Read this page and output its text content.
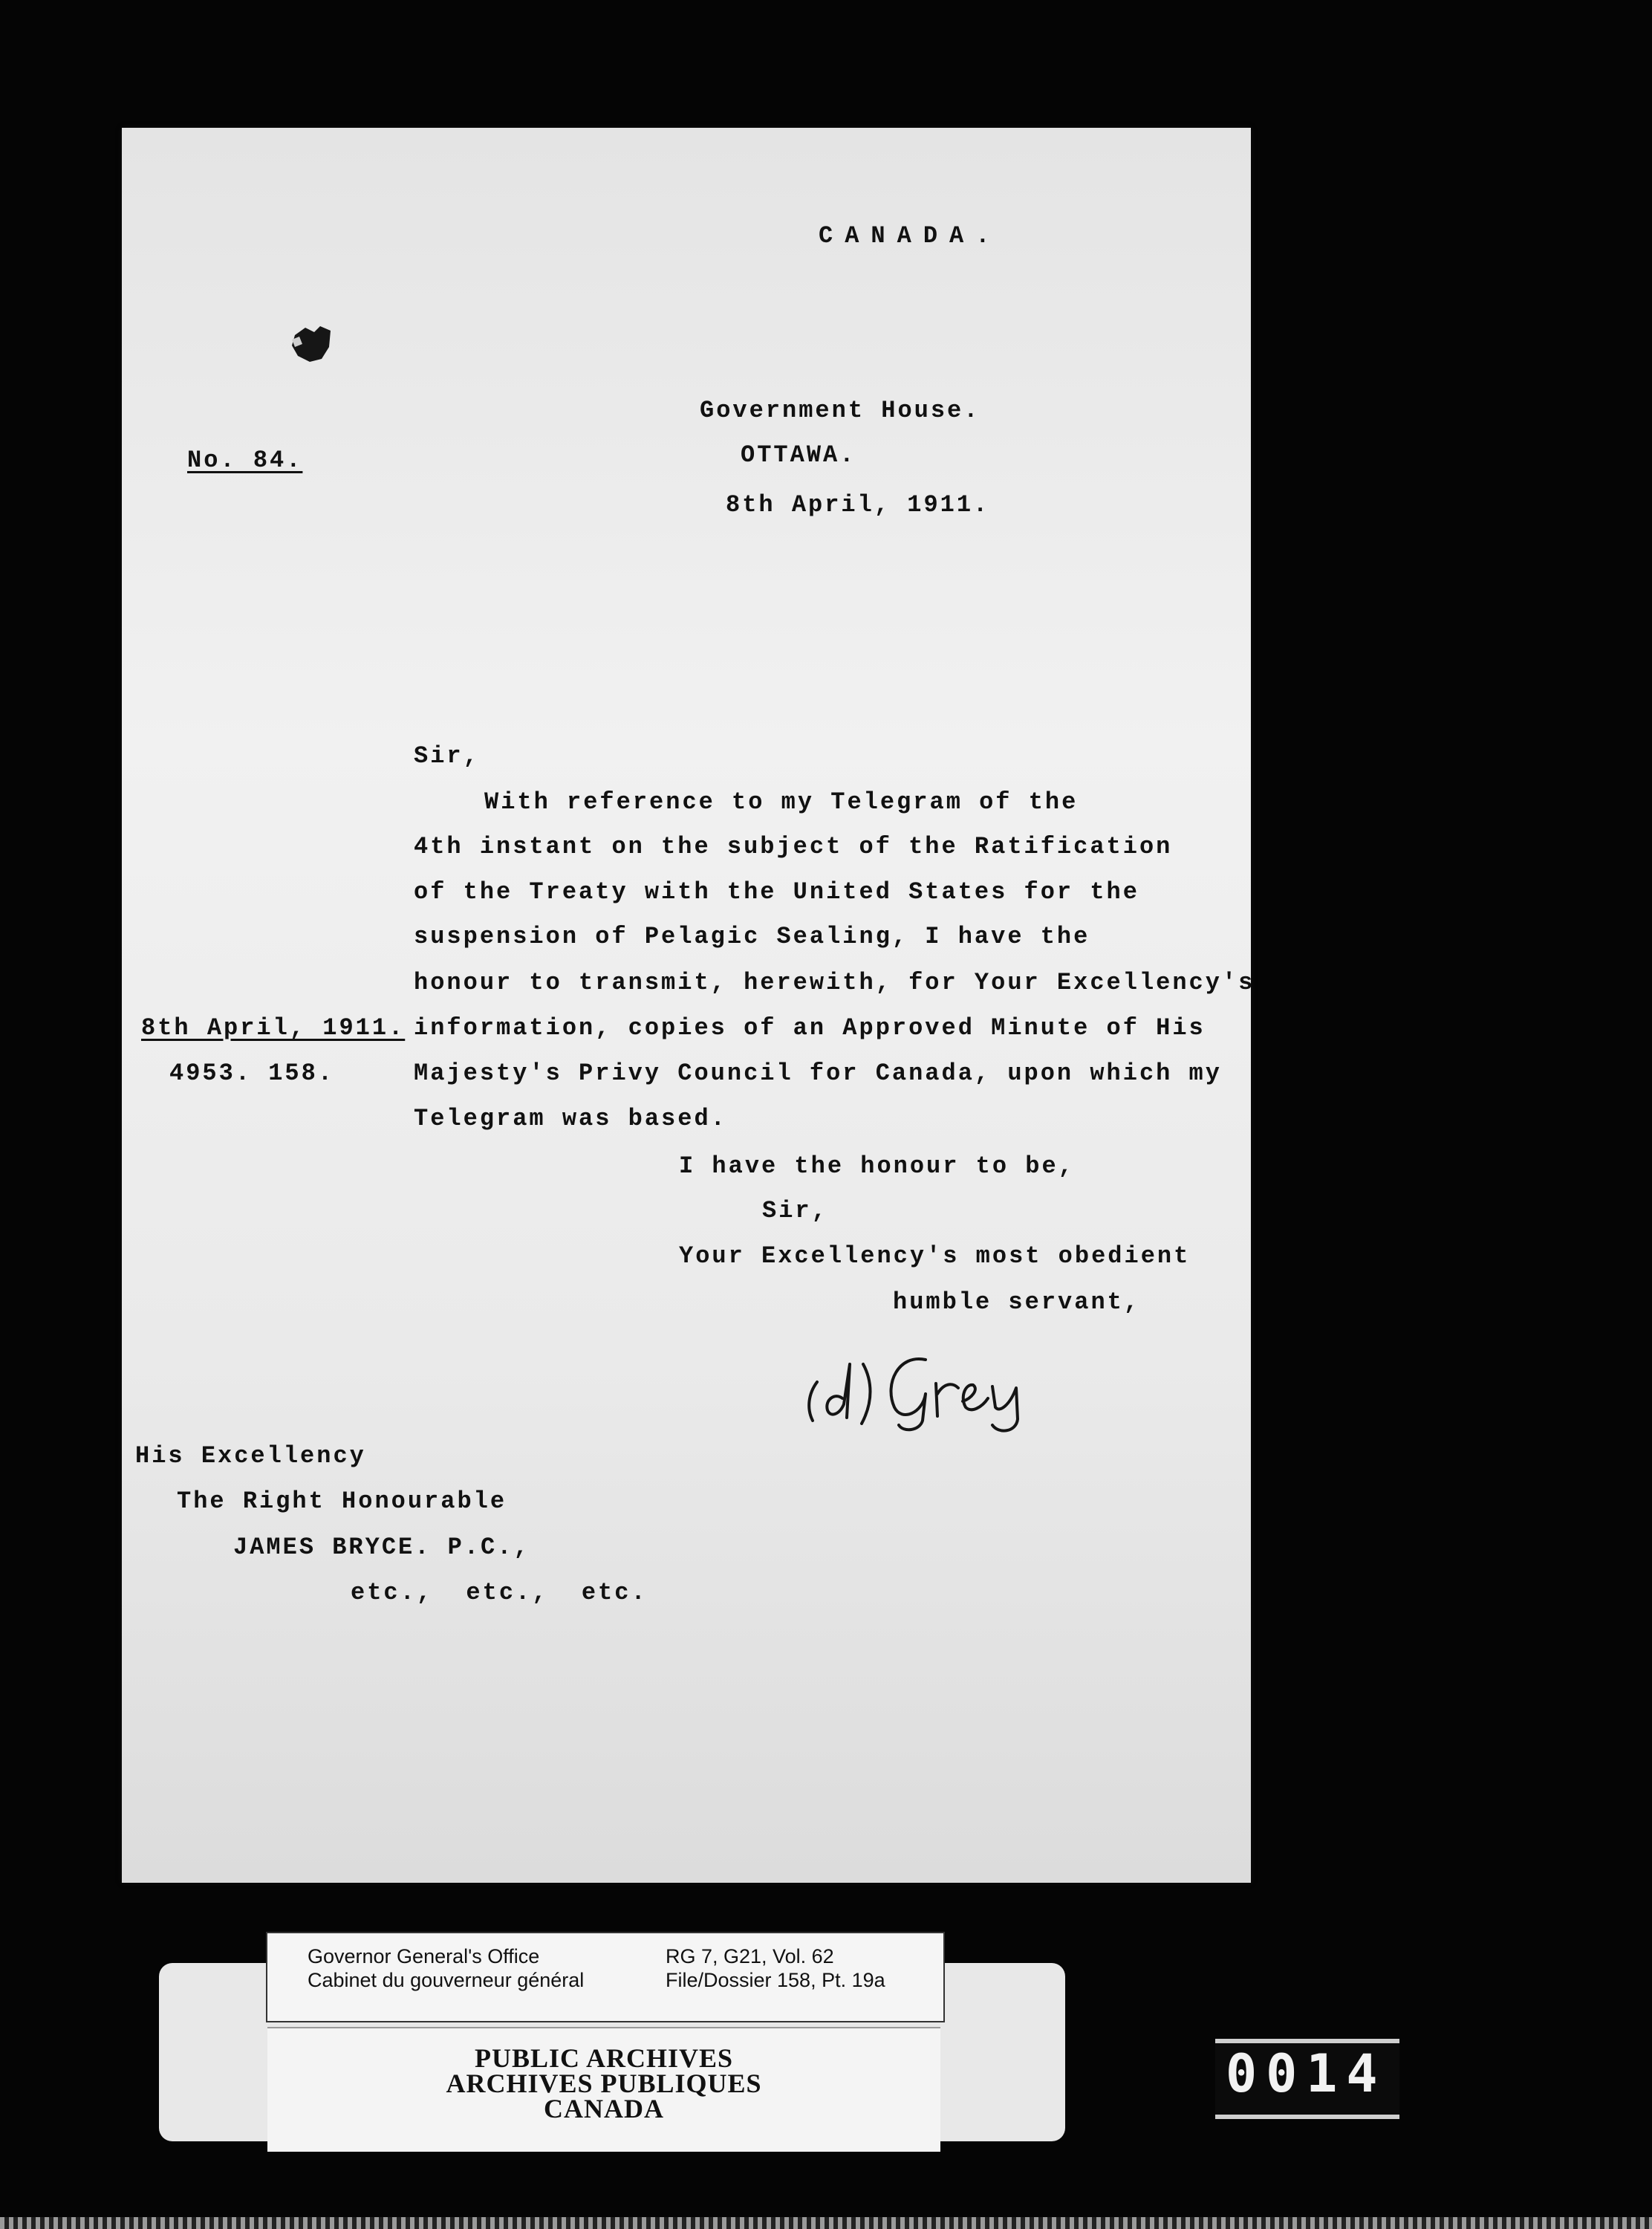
CANADA.
Government House.
OTTAWA.
8th April, 1911.
No. 84.
Sir,
With reference to my Telegram of the
4th instant on the subject of the Ratification
of the Treaty with the United States for the
suspension of Pelagic Sealing, I have the
honour to transmit, herewith, for Your Excellency's
information, copies of an Approved Minute of His
Majesty's Privy Council for Canada, upon which my
Telegram was based.
8th April, 1911.
4953. 158.
I have the honour to be,
Sir,
Your Excellency's most obedient
humble servant,
His Excellency
The Right Honourable
JAMES BRYCE. P.C.,
etc.,  etc.,  etc.
Governor General's Office
Cabinet du gouverneur général
RG 7, G21, Vol. 62
File/Dossier 158, Pt. 19a
PUBLIC ARCHIVES
ARCHIVES PUBLIQUES
CANADA
0014
